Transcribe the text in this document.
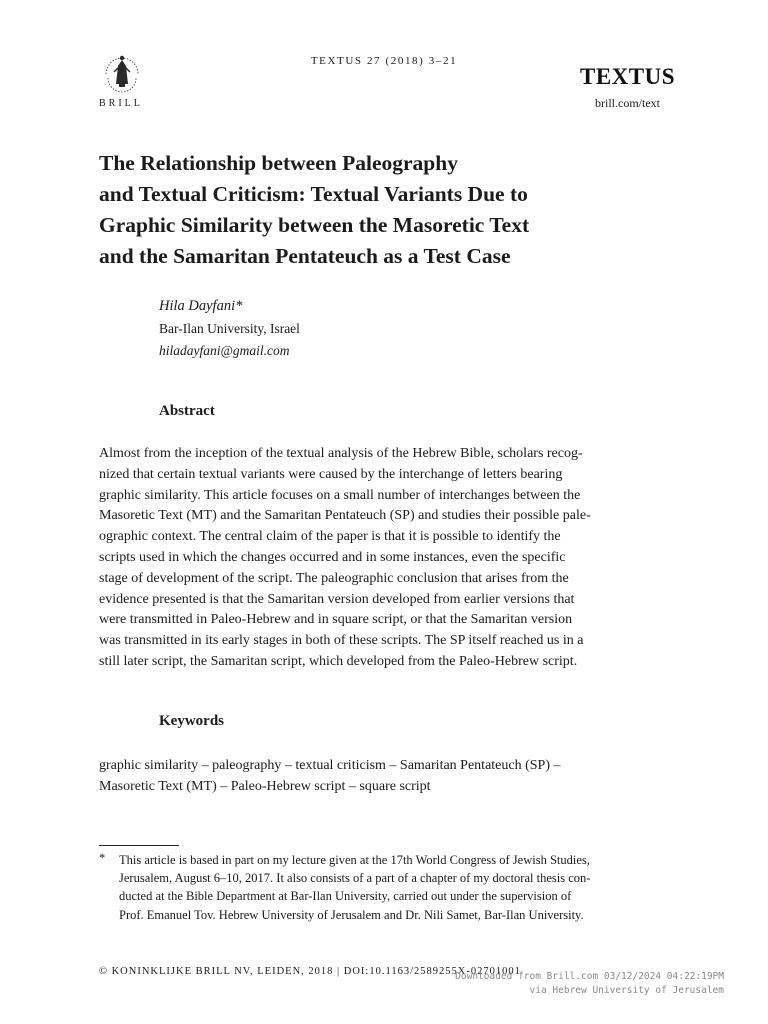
BRILL
TEXTUS 27 (2018) 3–21
TEXTUS
brill.com/text
The Relationship between Paleography
and Textual Criticism: Textual Variants Due to
Graphic Similarity between the Masoretic Text
and the Samaritan Pentateuch as a Test Case
Hila Dayfani*
Bar-Ilan University, Israel
hiladayfani@gmail.com
Abstract
Almost from the inception of the textual analysis of the Hebrew Bible, scholars recog-
nized that certain textual variants were caused by the interchange of letters bearing
graphic similarity. This article focuses on a small number of interchanges between the
Masoretic Text (MT) and the Samaritan Pentateuch (SP) and studies their possible pale-
ographic context. The central claim of the paper is that it is possible to identify the
scripts used in which the changes occurred and in some instances, even the specific
stage of development of the script. The paleographic conclusion that arises from the
evidence presented is that the Samaritan version developed from earlier versions that
were transmitted in Paleo-Hebrew and in square script, or that the Samaritan version
was transmitted in its early stages in both of these scripts. The SP itself reached us in a
still later script, the Samaritan script, which developed from the Paleo-Hebrew script.
Keywords
graphic similarity – paleography – textual criticism – Samaritan Pentateuch (SP) –
Masoretic Text (MT) – Paleo-Hebrew script – square script
* This article is based in part on my lecture given at the 17th World Congress of Jewish Studies,
Jerusalem, August 6–10, 2017. It also consists of a part of a chapter of my doctoral thesis con-
ducted at the Bible Department at Bar-Ilan University, carried out under the supervision of
Prof. Emanuel Tov. Hebrew University of Jerusalem and Dr. Nili Samet, Bar-Ilan University.
© KONINKLIJKE BRILL NV, LEIDEN, 2018 | DOI:10.1163/2589255X-02701001
Downloaded from Brill.com 03/12/2024 04:22:19PM
via Hebrew University of Jerusalem
